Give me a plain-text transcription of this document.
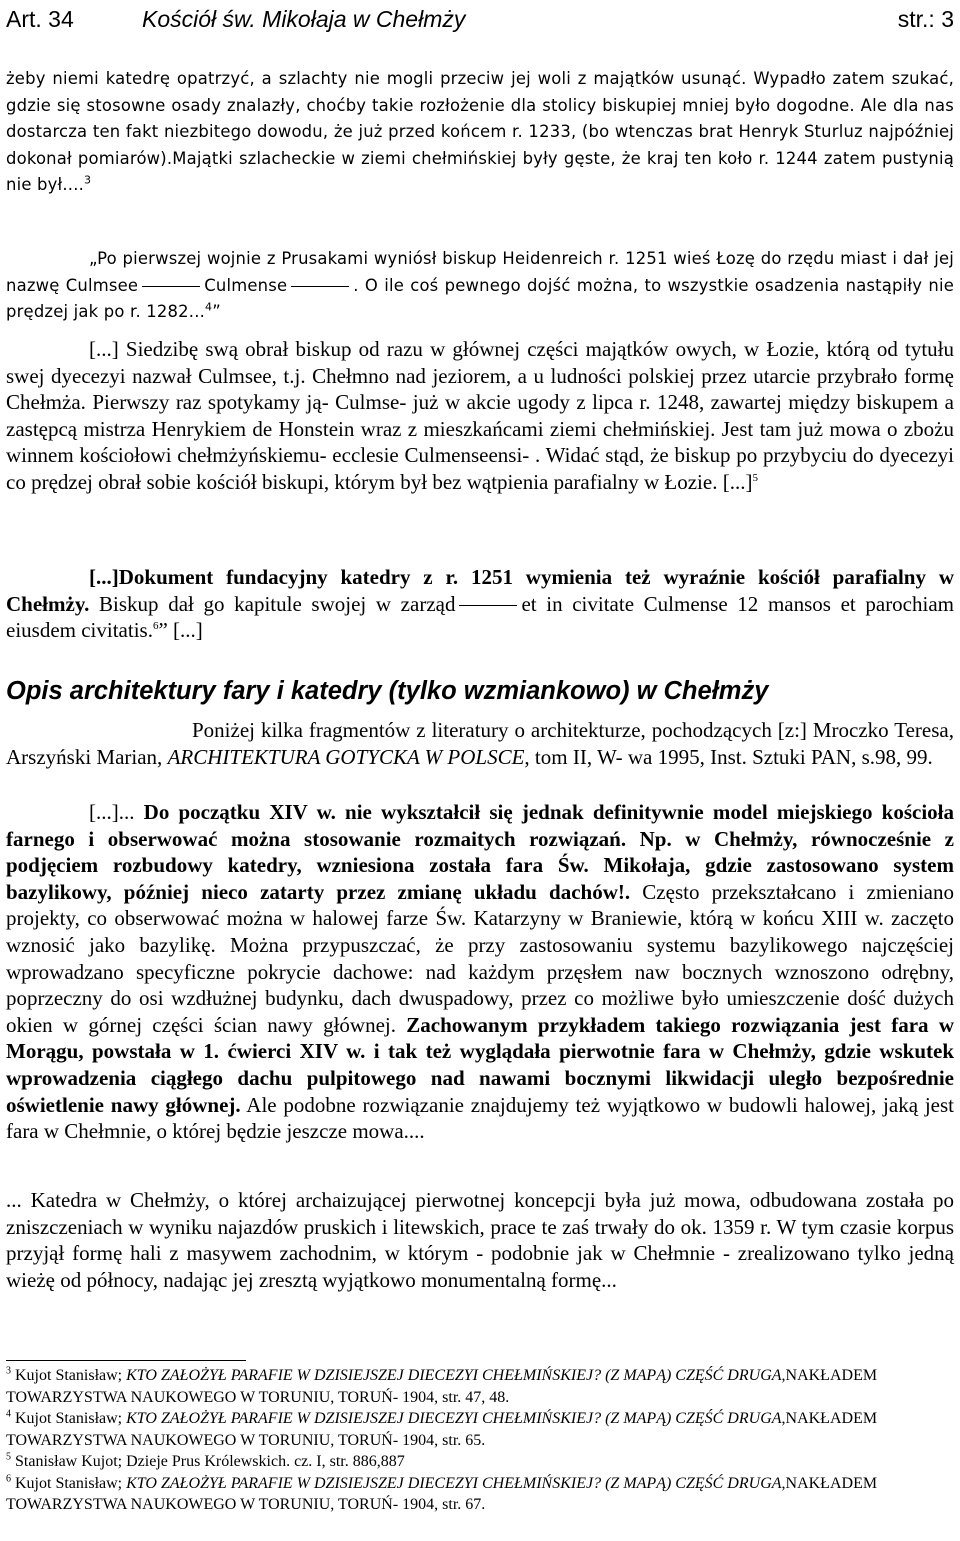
Art. 34	Kościół św. Mikołaja w Chełmży	str.: 3
żeby niemi katedrę opatrzyć, a szlachty nie mogli przeciw jej woli z majątków usunąć. Wypadło zatem szukać, gdzie się stosowne osady znalazły, choćby takie rozłożenie dla stolicy biskupiej mniej było dogodne. Ale dla nas dostarcza ten fakt niezbitego dowodu, że już przed końcem r. 1233, (bo wtenczas brat Henryk Sturluz najpóźniej dokonał pomiarów).Majątki szlacheckie w ziemi chełmińskiej były gęste, że kraj ten koło r. 1244 zatem pustynią nie był....$^3$
„Po pierwszej wojnie z Prusakami wyniósł biskup Heidenreich r. 1251 wieś Łozę do rzędu miast i dał jej nazwę Culmsee	Culmense	. O ile coś pewnego dojść można, to wszystkie osadzenia nastąpiły nie prędzej jak po r. 1282...$^4$”
[...] Siedzibę swą obrał biskup od razu w głównej części majątków owych, w Łozie, którą od tytułu swej dyecezyi nazwał Culmsee, t.j. Chełmno nad jeziorem, a u ludności polskiej przez utarcie przybrało formę Chełmża. Pierwszy raz spotykamy ją- Culmse- już w akcie ugody z lipca r. 1248, zawartej między biskupem a zastępcą mistrza Henrykiem de Honstein wraz z mieszkańcami ziemi chełmińskiej. Jest tam już mowa o zbożu winnem kościołowi chełmżyńskiemu- ecclesie Culmenseensi- . Widać stąd, że biskup po przybyciu do dyecezyi co prędzej obrał sobie kościół biskupi, którym był bez wątpienia parafialny w Łozie. [...]$^5$
[...]Dokument fundacyjny katedry z r. 1251 wymienia też wyraźnie kościół parafialny w Chełmży. Biskup dał go kapitule swojej w zarząd	et in civitate Culmense 12 mansos et parochiam eiusdem civitatis.$^6$” [...]
Opis architektury fary i katedry (tylko wzmiankowo) w Chełmży
Poniżej kilka fragmentów z literatury o architekturze, pochodzących [z:] Mroczko Teresa, Arszyński Marian, ARCHITEKTURA GOTYCKA W POLSCE, tom II, W- wa 1995, Inst. Sztuki PAN, s.98, 99.
[...]... Do początku XIV w. nie wykształcił się jednak definitywnie model miejskiego kościoła farnego i obserwować można stosowanie rozmaitych rozwiązań. Np. w Chełmży, równocześnie z podjęciem rozbudowy katedry, wzniesiona została fara Św. Mikołaja, gdzie zastosowano system bazylikowy, później nieco zatarty przez zmianę układu dachów!. Często przekształcano i zmieniano projekty, co obserwować można w halowej farze Św. Katarzyny w Braniewie, którą w końcu XIII w. zaczęto wznosić jako bazylikę. Można przypuszczać, że przy zastosowaniu systemu bazylikowego najczęściej wprowadzano specyficzne pokrycie dachowe: nad każdym przęsłem naw bocznych wznoszono odrębny, poprzeczny do osi wzdłużnej budynku, dach dwuspadowy, przez co możliwe było umieszczenie dość dużych okien w górnej części ścian nawy głównej. Zachowanym przykładem takiego rozwiązania jest fara w Morągu, powstała w 1. ćwierci XIV w. i tak też wyglądała pierwotnie fara w Chełmży, gdzie wskutek wprowadzenia ciągłego dachu pulpitowego nad nawami bocznymi likwidacji uległo bezpośrednie oświetlenie nawy głównej. Ale podobne rozwiązanie znajdujemy też wyjątkowo w budowli halowej, jaką jest fara w Chełmnie, o której będzie jeszcze mowa....
... Katedra w Chełmży, o której archaizującej pierwotnej koncepcji była już mowa, odbudowana została po zniszczeniach w wyniku najazdów pruskich i litewskich, prace te zaś trwały do ok. 1359 r. W tym czasie korpus przyjął formę hali z masywem zachodnim, w którym - podobnie jak w Chełmnie - zrealizowano tylko jedną wieżę od północy, nadając jej zresztą wyjątkowo monumentalną formę...

$^3$ Kujot Stanisław; KTO ZAŁOŻYŁ PARAFIE W DZISIEJSZEJ DIECEZYI CHEŁMIŃSKIEJ? (Z MAPĄ) CZĘŚĆ DRUGA,NAKŁADEM TOWARZYSTWA NAUKOWEGO W TORUNIU, TORUŃ- 1904, str. 47, 48.

$^4$ Kujot Stanisław; KTO ZAŁOŻYŁ PARAFIE W DZISIEJSZEJ DIECEZYI CHEŁMIŃSKIEJ? (Z MAPĄ) CZĘŚĆ DRUGA,NAKŁADEM TOWARZYSTWA NAUKOWEGO W TORUNIU, TORUŃ- 1904, str. 65.

$^5$ Stanisław Kujot; Dzieje Prus Królewskich. cz. I, str. 886,887

$^6$ Kujot Stanisław; KTO ZAŁOŻYŁ PARAFIE W DZISIEJSZEJ DIECEZYI CHEŁMIŃSKIEJ? (Z MAPĄ) CZĘŚĆ DRUGA,NAKŁADEM TOWARZYSTWA NAUKOWEGO W TORUNIU, TORUŃ- 1904, str. 67.
